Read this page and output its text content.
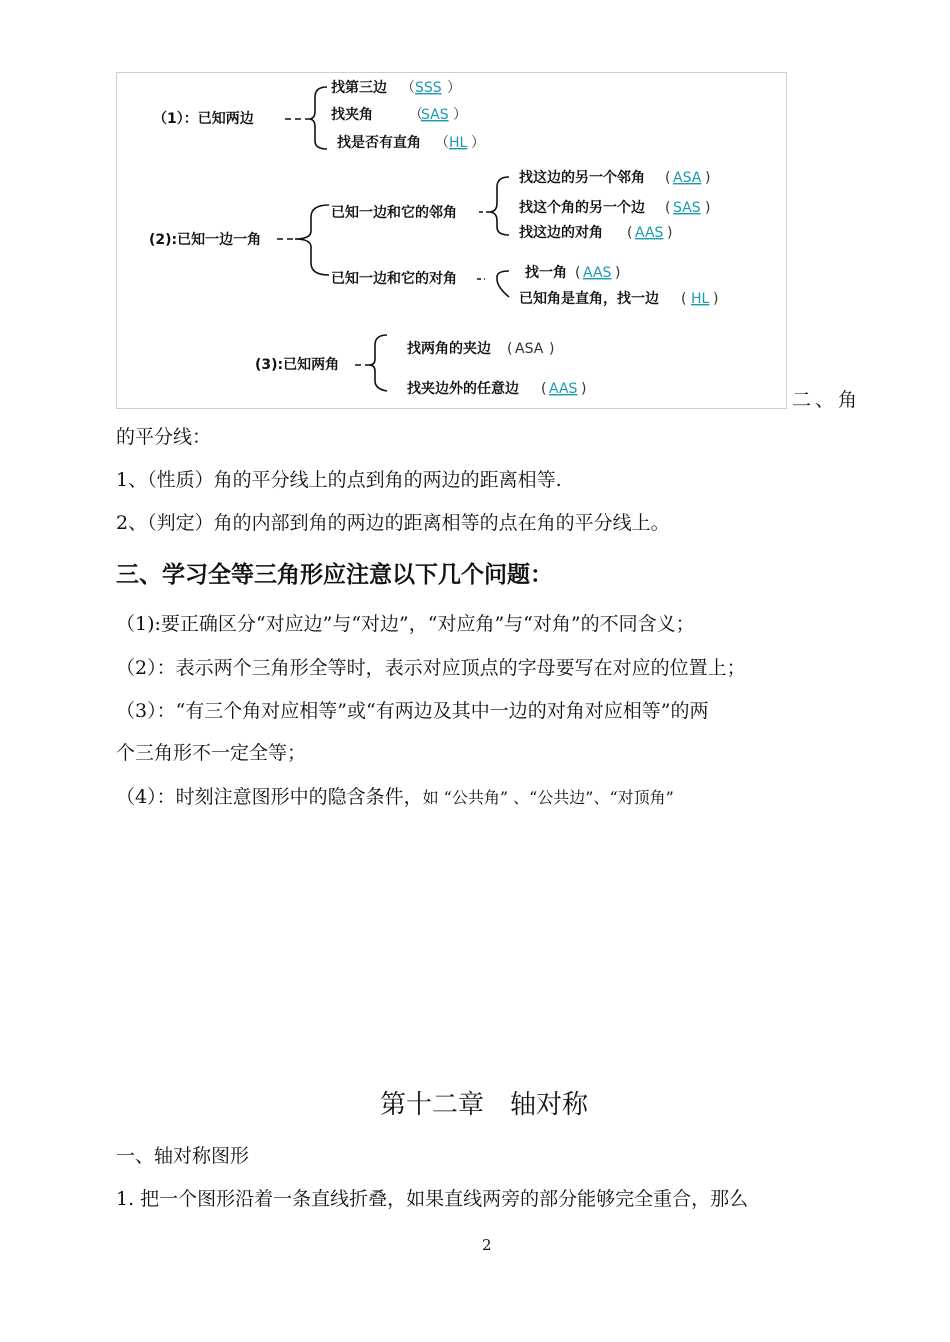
（1）：已知两边
找第三边 （ SSS ）
找夹角	（
SAS ）
找是否有直角 （ HL ）
(2):已知一边一角
已知一边和它的邻角
找这边的另一个邻角 ( ASA )
找这个角的另一个边 ( SAS )
找这边的对角 ( AAS )
已知一边和它的对角	找一角 ( AAS )
已知角是直角，找一边 ( HL )
(3):已知两角
找两角的夹边 ( ASA )
找夹边外的任意边 ( AAS )	二、角
的平分线：
1、（性质）角的平分线上的点到角的两边的距离相等.
2、（判定）角的内部到角的两边的距离相等的点在角的平分线上。
三、学习全等三角形应注意以下几个问题：
（1):要正确区分“对应边”与“对边”，“对应角”与“对角”的不同含义；
（2）：表示两个三角形全等时，表示对应顶点的字母要写在对应的位置上；
（3）：“有三个角对应相等”或“有两边及其中一边的对角对应相等”的两
个三角形不一定全等；
（4）：时刻注意图形中的隐含条件，如 “公共角” 、“公共边”、“对顶角”
第十二章　轴对称
一、轴对称图形
1. 把一个图形沿着一条直线折叠，如果直线两旁的部分能够完全重合，那么
2
